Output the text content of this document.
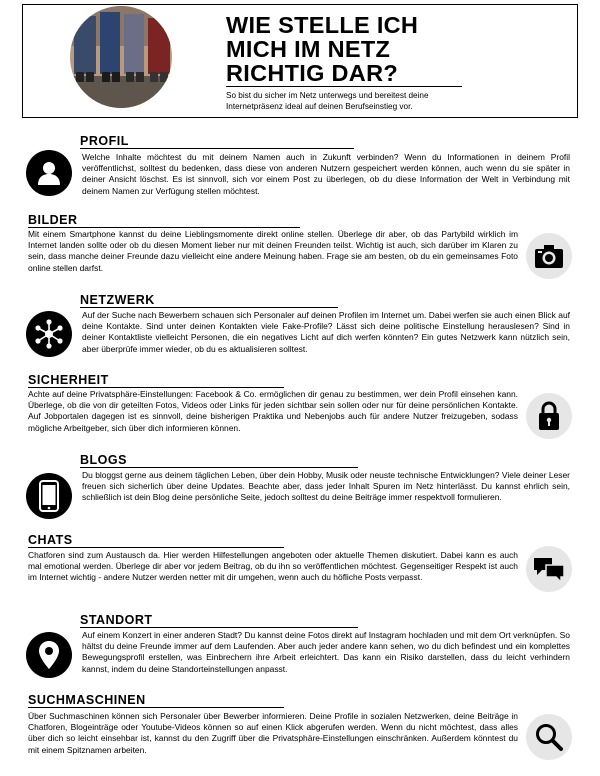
WIE STELLE ICH
MICH IM NETZ
RICHTIG DAR?

So bist du sicher im Netz unterwegs und bereitest deine Internetpräsenz ideal auf deinen Berufseinstieg vor.

PROFIL

Welche Inhalte möchtest du mit deinem Namen auch in Zukunft verbinden? Wenn du Informationen in deinem Profil veröffentlichst, solltest du bedenken, dass diese von anderen Nutzern gespeichert werden können, auch wenn du sie später in deiner Ansicht löschst. Es ist sinnvoll, sich vor einem Post zu überlegen, ob du diese Information der Welt in Verbindung mit deinem Namen zur Verfügung stellen möchtest.

BILDER

Mit einem Smartphone kannst du deine Lieblingsmomente direkt online stellen. Überlege dir aber, ob das Partybild wirklich im Internet landen sollte oder ob du diesen Moment lieber nur mit deinen Freunden teilst. Wichtig ist auch, sich darüber im Klaren zu sein, dass manche deiner Freunde dazu vielleicht eine andere Meinung haben. Frage sie am besten, ob du ein gemeinsames Foto online stellen darfst.

NETZWERK

Auf der Suche nach Bewerbern schauen sich Personaler auf deinen Profilen im Internet um. Dabei werfen sie auch einen Blick auf deine Kontakte. Sind unter deinen Kontakten viele Fake-Profile? Lässt sich deine politische Einstellung herauslesen? Sind in deiner Kontaktliste vielleicht Personen, die ein negatives Licht auf dich werfen könnten? Ein gutes Netzwerk kann nützlich sein, aber überprüfe immer wieder, ob du es aktualisieren solltest.

SICHERHEIT

Achte auf deine Privatsphäre-Einstellungen: Facebook & Co. ermöglichen dir genau zu bestimmen, wer dein Profil einsehen kann. Überlege, ob die von dir geteilten Fotos, Videos oder Links für jeden sichtbar sein sollen oder nur für deine persönlichen Kontakte. Auf Jobportalen dagegen ist es sinnvoll, deine bisherigen Praktika und Nebenjobs auch für andere Nutzer freizugeben, sodass mögliche Arbeitgeber, sich über dich informieren können.

BLOGS

Du bloggst gerne aus deinem täglichen Leben, über dein Hobby, Musik oder neuste technische Entwicklungen? Viele deiner Leser freuen sich sicherlich über deine Updates. Beachte aber, dass jeder Inhalt Spuren im Netz hinterlässt. Du kannst ehrlich sein, schließlich ist dein Blog deine persönliche Seite, jedoch solltest du deine Beiträge immer respektvoll formulieren.

CHATS

Chatforen sind zum Austausch da. Hier werden Hilfestellungen angeboten oder aktuelle Themen diskutiert. Dabei kann es auch mal emotional werden. Überlege dir aber vor jedem Beitrag, ob du ihn so veröffentlichen möchtest. Gegenseitiger Respekt ist auch im Internet wichtig - andere Nutzer werden netter mit dir umgehen, wenn auch du höfliche Posts verpasst.

STANDORT

Auf einem Konzert in einer anderen Stadt? Du kannst deine Fotos direkt auf Instagram hochladen und mit dem Ort verknüpfen. So hältst du deine Freunde immer auf dem Laufenden. Aber auch jeder andere kann sehen, wo du dich befindest und ein komplettes Bewegungsprofil erstellen, was Einbrechern ihre Arbeit erleichtert. Das kann ein Risiko darstellen, dass du leicht verhindern kannst, indem du deine Standorteinstellungen anpasst.

SUCHMASCHINEN

Über Suchmaschinen können sich Personaler über Bewerber informieren. Deine Profile in sozialen Netzwerken, deine Beiträge in Chatforen, Blogeinträge oder Youtube-Videos können so auf einen Klick abgerufen werden. Wenn du nicht möchtest, dass alles über dich so leicht einsehbar ist, kannst du den Zugriff über die Privatsphäre-Einstellungen einschränken. Außerdem könntest du mit einem Spitznamen arbeiten.
